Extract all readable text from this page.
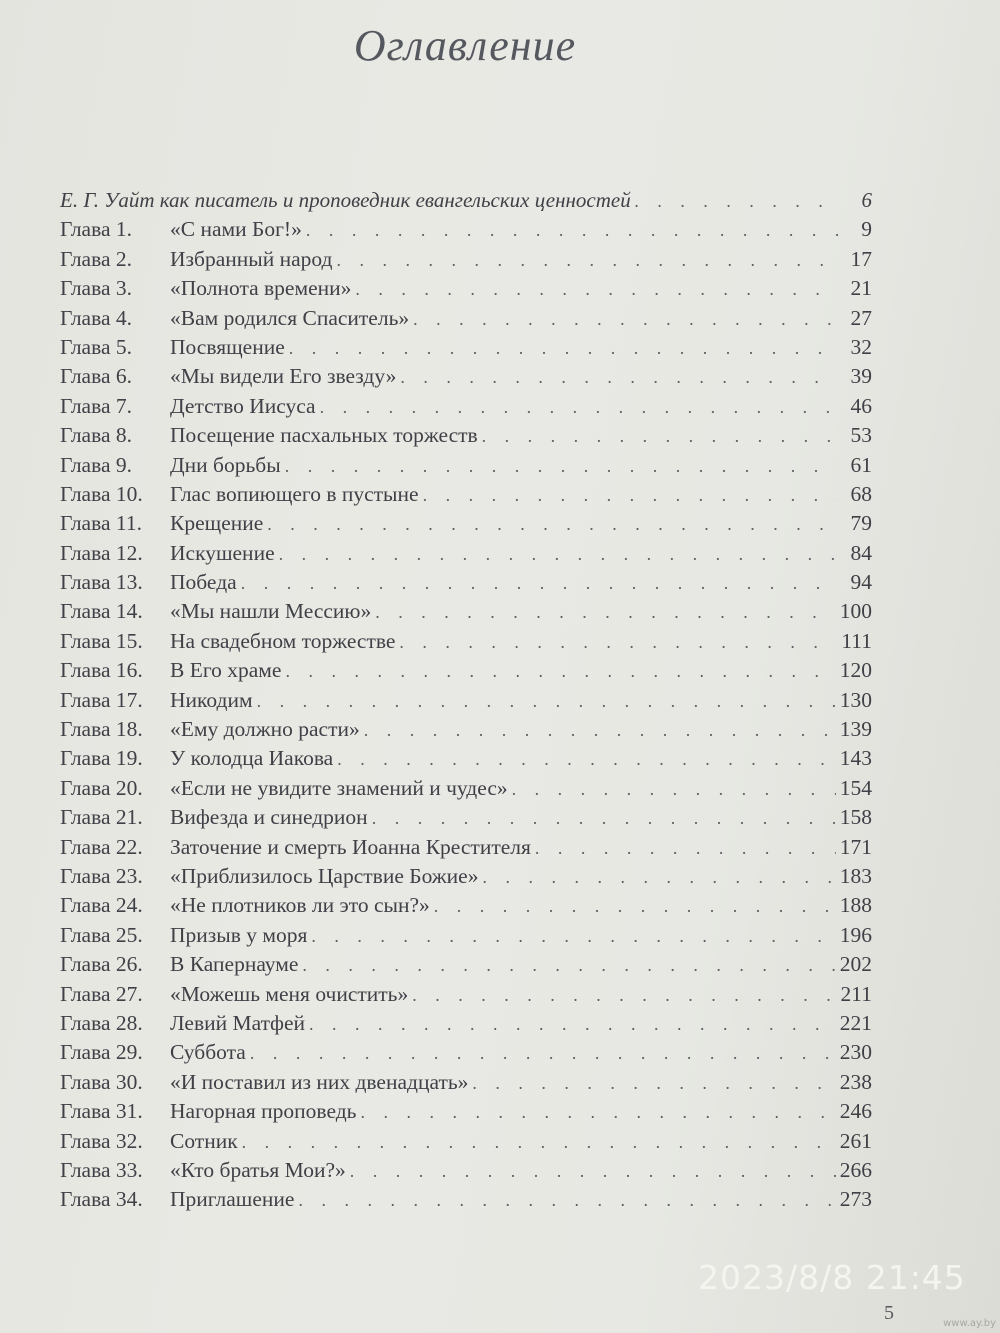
Оглавление
Е. Г. Уайт как писатель и проповедник евангельских ценностей . . .	6
Глава 1.	«С нами Бог!» . . .	9
Глава 2.	Избранный народ . . .	17
Глава 3.	«Полнота времени» . . .	21
Глава 4.	«Вам родился Спаситель» . . .	27
Глава 5.	Посвящение . . .	32
Глава 6.	«Мы видели Его звезду» . . .	39
Глава 7.	Детство Иисуса . . .	46
Глава 8.	Посещение пасхальных торжеств . . .	53
Глава 9.	Дни борьбы . . .	61
Глава 10.	Глас вопиющего в пустыне . . .	68
Глава 11.	Крещение . . .	79
Глава 12.	Искушение . . .	84
Глава 13.	Победа . . .	94
Глава 14.	«Мы нашли Мессию» . . .	100
Глава 15.	На свадебном торжестве . . .	111
Глава 16.	В Его храме . . .	120
Глава 17.	Никодим . . .	130
Глава 18.	«Ему должно расти» . . .	139
Глава 19.	У колодца Иакова . . .	143
Глава 20.	«Если не увидите знамений и чудес» . . .	154
Глава 21.	Вифезда и синедрион . . .	158
Глава 22.	Заточение и смерть Иоанна Крестителя . . .	171
Глава 23.	«Приблизилось Царствие Божие» . . .	183
Глава 24.	«Не плотников ли это сын?» . . .	188
Глава 25.	Призыв у моря . . .	196
Глава 26.	В Капернауме . . .	202
Глава 27.	«Можешь меня очистить» . . .	211
Глава 28.	Левий Матфей . . .	221
Глава 29.	Суббота . . .	230
Глава 30.	«И поставил из них двенадцать» . . .	238
Глава 31.	Нагорная проповедь . . .	246
Глава 32.	Сотник . . .	261
Глава 33.	«Кто братья Мои?» . . .	266
Глава 34.	Приглашение . . .	273
5
2023/8/8 21:45
www.ay.by
